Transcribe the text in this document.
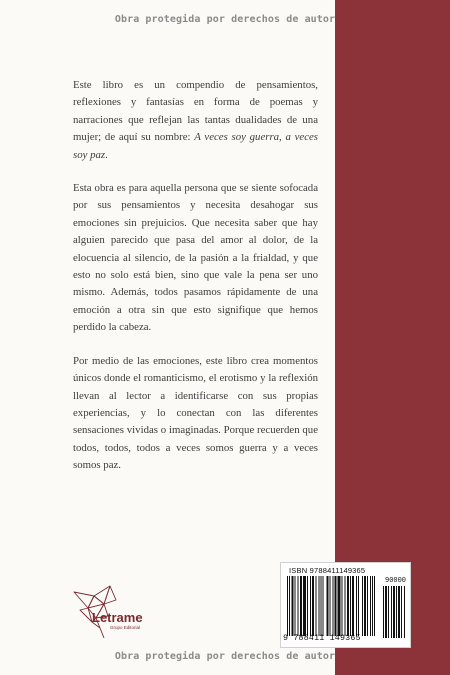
Obra protegida por derechos de autor

Este libro es un compendio de pensamientos, reflexiones y fantasías en forma de poemas y narraciones que reflejan las tantas dualidades de una mujer; de aquí su nombre: A veces soy guerra, a veces soy paz.

Esta obra es para aquella persona que se siente sofocada por sus pensamientos y necesita desahogar sus emociones sin prejuicios. Que necesita saber que hay alguien parecido que pasa del amor al dolor, de la elocuencia al silencio, de la pasión a la frialdad, y que esto no solo está bien, sino que vale la pena ser uno mismo. Además, todos pasamos rápidamente de una emoción a otra sin que esto signifique que hemos perdido la cabeza.

Por medio de las emociones, este libro crea momentos únicos donde el romanticismo, el erotismo y la reflexión llevan al lector a identificarse con sus propias experiencias, y lo conectan con las diferentes sensaciones vividas o imaginadas. Porque recuerden que todos, todos, todos a veces somos guerra y a veces somos paz.

Letrame
Grupo Editorial
ISBN 9788411149365
90000
9 788411 149365
Obra protegida por derechos de autor
